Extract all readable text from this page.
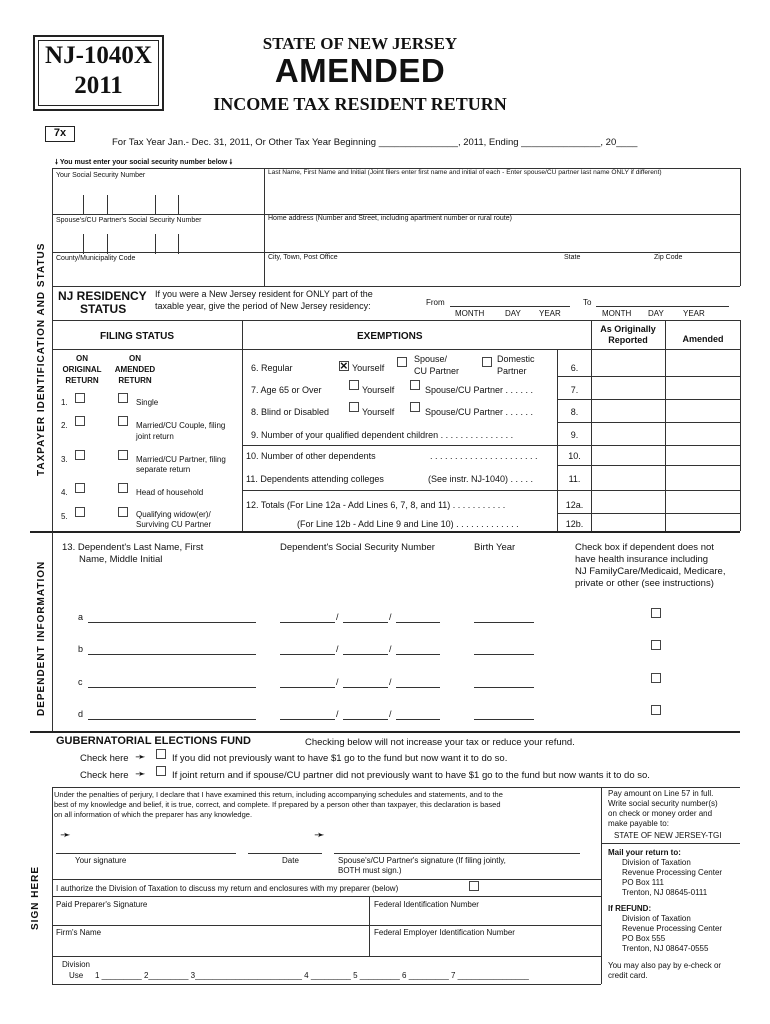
NJ-1040X
2011
STATE OF NEW JERSEY
AMENDED
INCOME TAX RESIDENT RETURN
7x
For Tax Year Jan.- Dec. 31, 2011, Or Other Tax Year Beginning _______________, 2011, Ending _______________, 20____
TAXPAYER IDENTIFICATION AND STATUS
DEPENDENT INFORMATION
SIGN HERE
🠗 You must enter your social security number below 🠗
Your Social Security Number	Last Name, First Name and Initial (Joint filers enter first name and initial of each - Enter spouse/CU partner last name ONLY if different)
Spouse's/CU Partner's Social Security Number	Home address (Number and Street, including apartment number or rural route)
County/Municipality Code	City, Town, Post Office	State	Zip Code
NJ RESIDENCY
STATUS
If you were a New Jersey resident for ONLY part of the
taxable year, give the period of New Jersey residency:	From
MONTH	DAY YEAR
To
MONTH DAY YEAR
FILING STATUS
ON
ORIGINAL
RETURN
ON
AMENDED
RETURN
1.	Single
2.	Married/CU Couple, filing
joint return
3.	Married/CU Partner, filing
separate return
4.	Head of household
5.	Qualifying widow(er)/
Surviving CU Partner
EXEMPTIONS
As Originally
Reported	Amended
6. Regular
×	Yourself
Spouse/
CU Partner
Domestic
Partner	6.
7. Age 65 or Over	Yourself	Spouse/CU Partner . . . . . .	7.
8. Blind or Disabled	Yourself	Spouse/CU Partner . . . . . .	8.
9. Number of your qualified dependent children . . . . . . . . . . . . . . .	9.
10. Number of other dependents	. . . . . . . . . . . . . . . . . . . . . .	10.
11. Dependents attending colleges	(See instr. NJ-1040) . . . . .	11.
12. Totals (For Line 12a - Add Lines 6, 7, 8, and 11) . . . . . . . . . . .	12a.
(For Line 12b - Add Line 9 and Line 10) . . . . . . . . . . . . .	12b.
13. Dependent's Last Name, First
Name, Middle Initial
Dependent's Social Security Number	Birth Year	Check box if dependent does not
have health insurance including
NJ FamilyCare/Medicaid, Medicare,
private or other (see instructions)
a	/	/
b	/	/
c	/	/
d	/	/
GUBERNATORIAL ELECTIONS FUND	Checking below will not increase your tax or reduce your refund.
Check here ➛	If you did not previously want to have $1 go to the fund but now want it to do so.
Check here ➛	If joint return and if spouse/CU partner did not previously want to have $1 go to the fund but now wants it to do so.
Under the penalties of perjury, I declare that I have examined this return, including accompanying schedules and statements, and to the
best of my knowledge and belief, it is true, correct, and complete. If prepared by a person other than taxpayer, this declaration is based
on all information of which the preparer has any knowledge.
➛	➛
Your signature	Date	Spouse's/CU Partner's signature (If filing jointly,
BOTH must sign.)
I authorize the Division of Taxation to discuss my return and enclosures with my preparer (below)
Paid Preparer's Signature	Federal Identification Number
Firm's Name	Federal Employer Identification Number
Division
Use 1 _________ 2_________ 3________________________ 4 _________ 5 _________ 6 _________ 7 ________________
Pay amount on Line 57 in full.
Write social security number(s)
on check or money order and
make payable to:
STATE OF NEW JERSEY-TGI
Mail your return to:
Division of Taxation
Revenue Processing Center
PO Box 111
Trenton, NJ 08645-0111
If REFUND:
Division of Taxation
Revenue Processing Center
PO Box 555
Trenton, NJ 08647-0555
You may also pay by e-check or
credit card.
